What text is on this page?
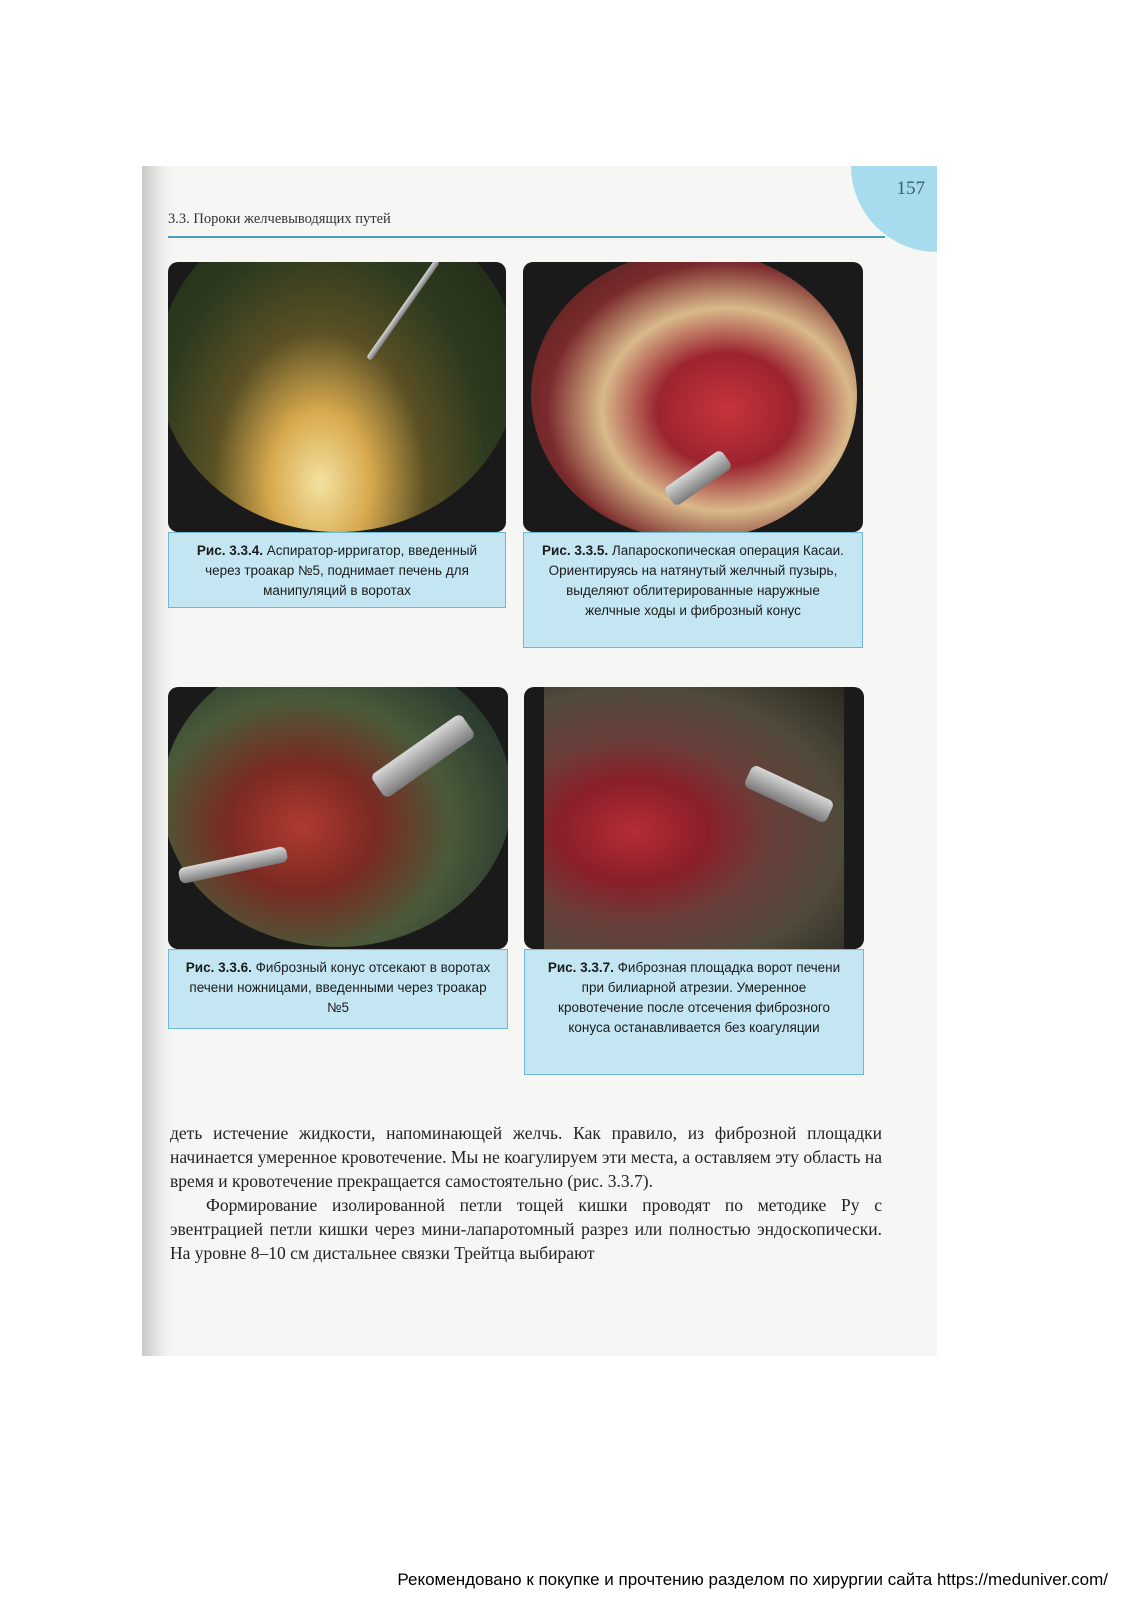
157
3.3. Пороки желчевыводящих путей
Рис. 3.3.4. Аспиратор-ирригатор, введенный через троакар №5, поднимает печень для манипуляций в воротах
Рис. 3.3.5. Лапароскопическая операция Касаи. Ориентируясь на натянутый желчный пузырь, выделяют облитерированные наружные желчные ходы и фиброзный конус
Рис. 3.3.6. Фиброзный конус отсекают в воротах печени ножницами, введенными через троакар №5
Рис. 3.3.7. Фиброзная площадка ворот печени при билиарной атрезии. Умеренное кровотечение после отсечения фиброзного конуса останавливается без коагуляции

деть истечение жидкости, напоминающей желчь. Как правило, из фиброзной площадки начинается умеренное кровотечение. Мы не коагулируем эти места, а оставляем эту область на время и кровотечение прекращается самостоятельно (рис. 3.3.7).

Формирование изолированной петли тощей кишки проводят по методике Ру с эвентрацией петли кишки через мини-лапаротомный разрез или полностью эндоскопически. На уровне 8–10 см дистальнее связки Трейтца выбирают

Рекомендовано к покупке и прочтению разделом по хирургии сайта https://meduniver.com/
